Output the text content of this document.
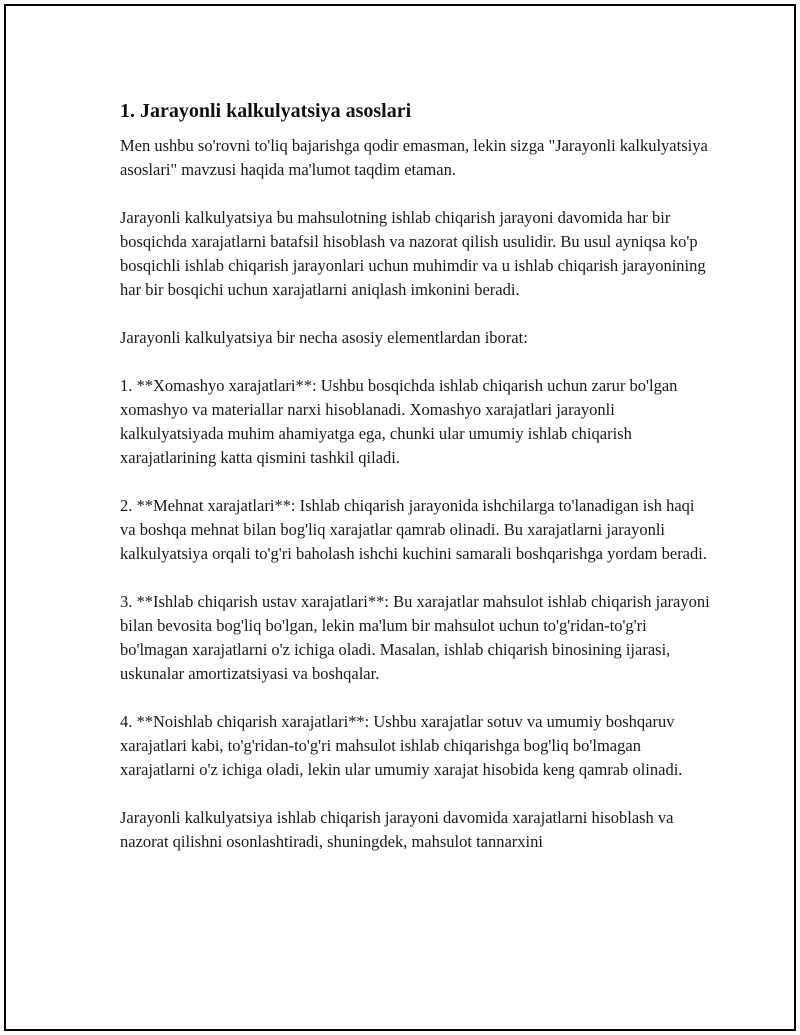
1. Jarayonli kalkulyatsiya asoslari

Men ushbu so'rovni to'liq bajarishga qodir emasman, lekin sizga "Jarayonli kalkulyatsiya asoslari" mavzusi haqida ma'lumot taqdim etaman.

Jarayonli kalkulyatsiya bu mahsulotning ishlab chiqarish jarayoni davomida har bir bosqichda xarajatlarni batafsil hisoblash va nazorat qilish usulidir. Bu usul ayniqsa ko'p bosqichli ishlab chiqarish jarayonlari uchun muhimdir va u ishlab chiqarish jarayonining har bir bosqichi uchun xarajatlarni aniqlash imkonini beradi.

Jarayonli kalkulyatsiya bir necha asosiy elementlardan iborat:

1. **Xomashyo xarajatlari**: Ushbu bosqichda ishlab chiqarish uchun zarur bo'lgan xomashyo va materiallar narxi hisoblanadi. Xomashyo xarajatlari jarayonli kalkulyatsiyada muhim ahamiyatga ega, chunki ular umumiy ishlab chiqarish xarajatlarining katta qismini tashkil qiladi.

2. **Mehnat xarajatlari**: Ishlab chiqarish jarayonida ishchilarga to'lanadigan ish haqi va boshqa mehnat bilan bog'liq xarajatlar qamrab olinadi. Bu xarajatlarni jarayonli kalkulyatsiya orqali to'g'ri baholash ishchi kuchini samarali boshqarishga yordam beradi.

3. **Ishlab chiqarish ustav xarajatlari**: Bu xarajatlar mahsulot ishlab chiqarish jarayoni bilan bevosita bog'liq bo'lgan, lekin ma'lum bir mahsulot uchun to'g'ridan-to'g'ri bo'lmagan xarajatlarni o'z ichiga oladi. Masalan, ishlab chiqarish binosining ijarasi, uskunalar amortizatsiyasi va boshqalar.

4. **Noishlab chiqarish xarajatlari**: Ushbu xarajatlar sotuv va umumiy boshqaruv xarajatlari kabi, to'g'ridan-to'g'ri mahsulot ishlab chiqarishga bog'liq bo'lmagan xarajatlarni o'z ichiga oladi, lekin ular umumiy xarajat hisobida keng qamrab olinadi.

Jarayonli kalkulyatsiya ishlab chiqarish jarayoni davomida xarajatlarni hisoblash va nazorat qilishni osonlashtiradi, shuningdek, mahsulot tannarxini
